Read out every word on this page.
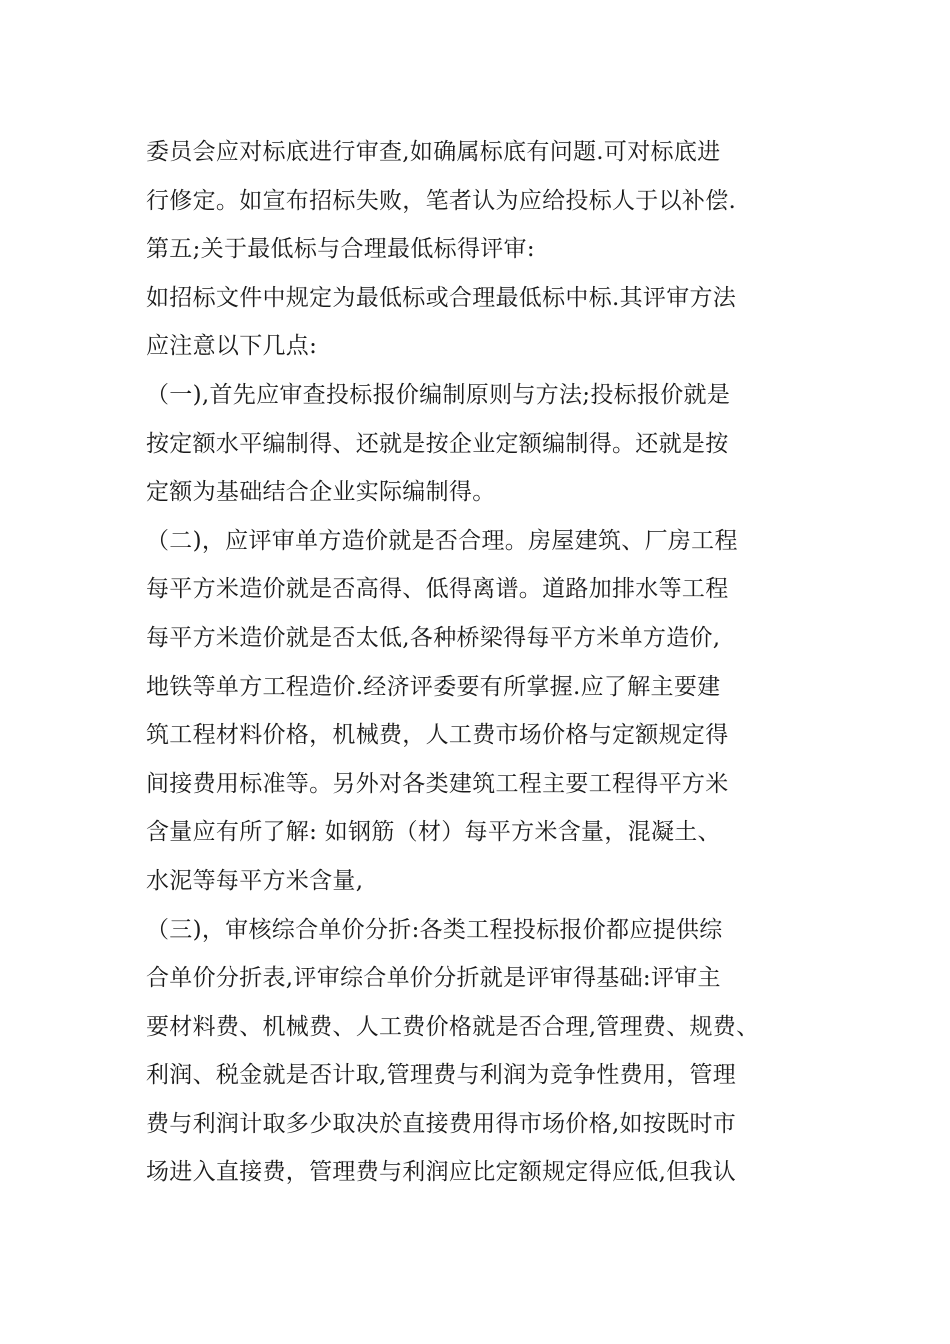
委员会应对标底进行审查,如确属标底有问题.可对标底进
行修定。如宣布招标失败，笔者认为应给投标人于以补偿.
第五;关于最低标与合理最低标得评审:
如招标文件中规定为最低标或合理最低标中标.其评审方法
应注意以下几点:
（一),首先应审查投标报价编制原则与方法;投标报价就是
按定额水平编制得、还就是按企业定额编制得。还就是按
定额为基础结合企业实际编制得。
（二)，应评审单方造价就是否合理。房屋建筑、厂房工程
每平方米造价就是否高得、低得离谱。道路加排水等工程
每平方米造价就是否太低,各种桥梁得每平方米单方造价,
地铁等单方工程造价.经济评委要有所掌握.应了解主要建
筑工程材料价格，机械费，人工费市场价格与定额规定得
间接费用标准等。另外对各类建筑工程主要工程得平方米
含量应有所了解: 如钢筋（材）每平方米含量，混凝土、
水泥等每平方米含量,
（三)，审核综合单价分折:各类工程投标报价都应提供综
合单价分折表,评审综合单价分折就是评审得基础:评审主
要材料费、机械费、人工费价格就是否合理,管理费、规费、
利润、税金就是否计取,管理费与利润为竞争性费用，管理
费与利润计取多少取决於直接费用得市场价格,如按既时市
场进入直接费，管理费与利润应比定额规定得应低,但我认
